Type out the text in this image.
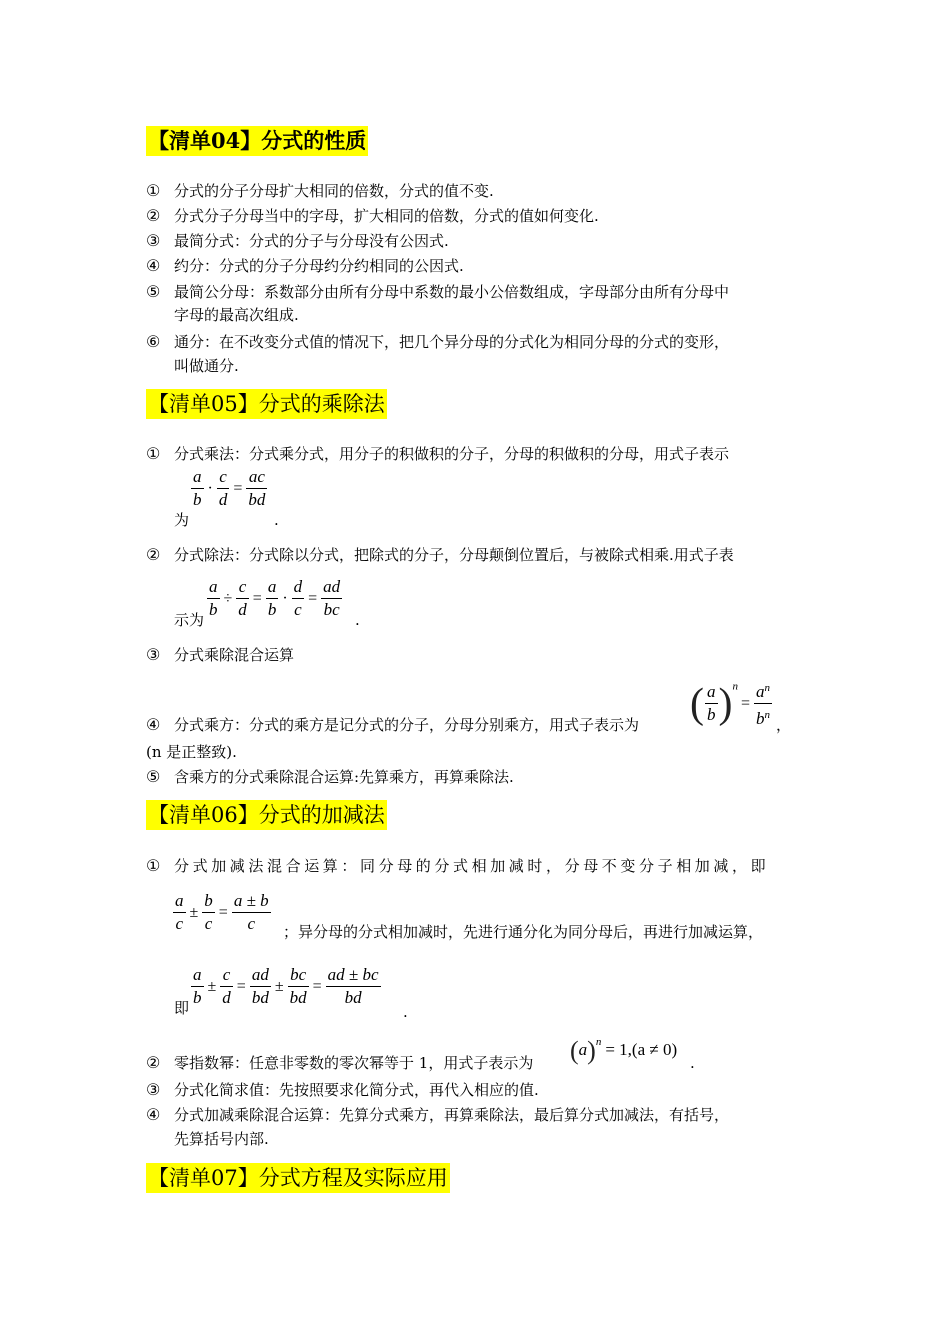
【清单04】分式的性质
① 分式的分子分母扩大相同的倍数，分式的值不变.
② 分式分子分母当中的字母，扩大相同的倍数，分式的值如何变化.
③ 最简分式：分式的分子与分母没有公因式.
④ 约分：分式的分子分母约分约相同的公因式.
⑤ 最简公分母：系数部分由所有分母中系数的最小公倍数组成，字母部分由所有分母中
字母的最高次组成.
⑥ 通分：在不改变分式值的情况下，把几个异分母的分式化为相同分母的分式的变形，
叫做通分.
【清单05】分式的乘除法
① 分式乘法：分式乘分式，用分子的积做积的分子，分母的积做积的分母，用式子表示
为
$\frac{a}{b} \cdot \frac{c}{d} = \frac{ac}{bd}$
.
② 分式除法：分式除以分式，把除式的分子，分母颠倒位置后，与被除式相乘.用式子表
示为 $\frac{a}{b} \div \frac{c}{d} = \frac{a}{b} \cdot \frac{d}{c} = \frac{ad}{bc}$ .
③ 分式乘除混合运算
④ 分式乘方：分式的乘方是记分式的分子，分母分别乘方，用式子表示为 ( $\frac{a}{b} )^n= \frac{a^n}{b^n}$ ，
(n 是正整致).
⑤ 含乘方的分式乘除混合运算:先算乘方，再算乘除法.
【清单06】分式的加减法
① 分式加减法混合运算：同分母的分式相加减时，分母不变分子相加减，即
$\frac{a}{c} \pm \frac{b}{c} = \frac{a \pm b}{c}$ ；异分母的分式相加减时，先进行通分化为同分母后，再进行加减运算，
即 $\frac{a}{b} \pm \frac{c}{d} = \frac{ad}{bd} \pm \frac{bc}{bd} = \frac{ad \pm bc}{bd}$
.
② 零指数幂：任意非零数的零次幂等于 1，用式子表示为 $(a)^n = 1,(a \ne 0)$
.
③ 分式化简求值：先按照要求化简分式，再代入相应的值.
④ 分式加减乘除混合运算：先算分式乘方，再算乘除法，最后算分式加减法，有括号，
先算括号内部.
【清单07】分式方程及实际应用
